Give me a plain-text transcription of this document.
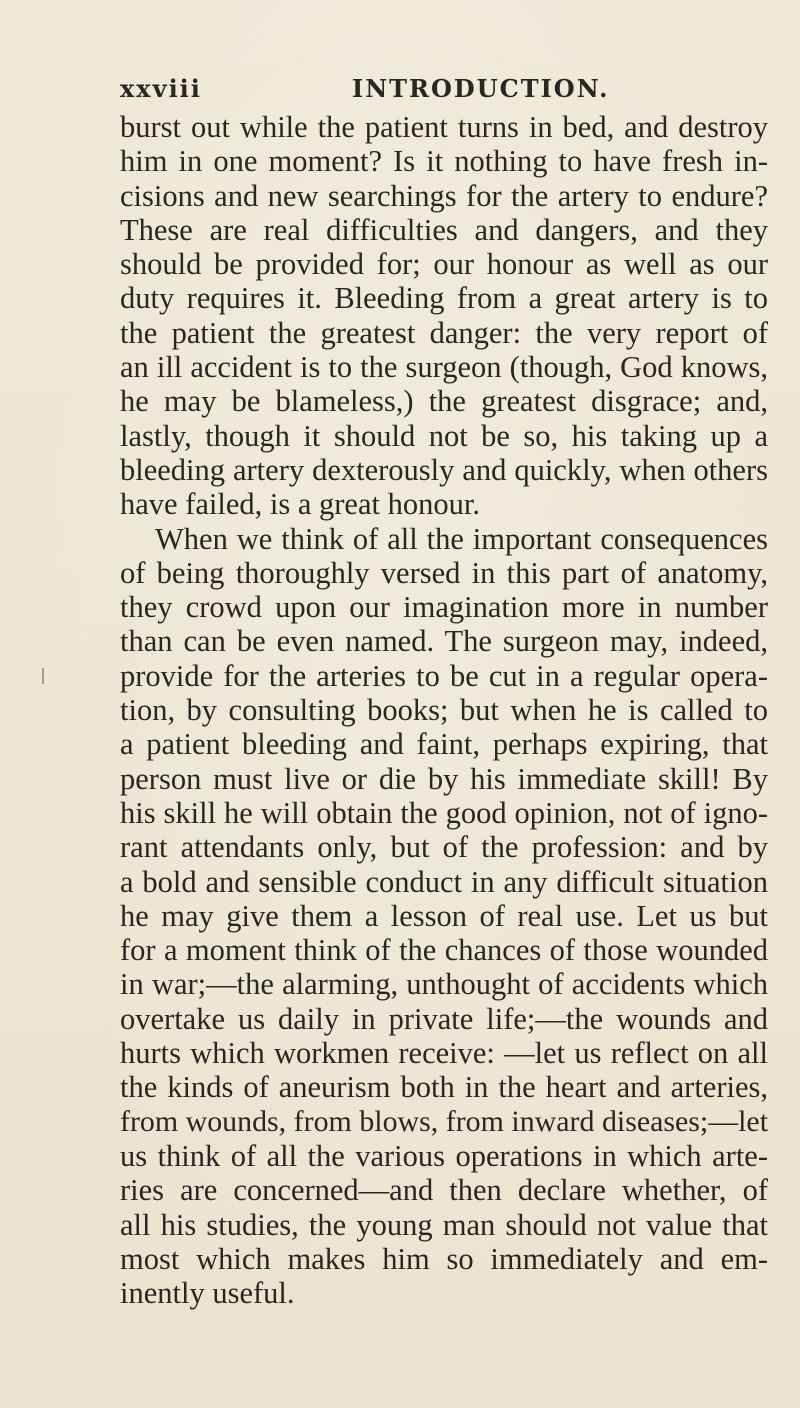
xxviii	INTRODUCTION.
burst out while the patient turns in bed, and destroy
him in one moment? Is it nothing to have fresh in-
cisions and new searchings for the artery to endure?
These are real difficulties and dangers, and they
should be provided for; our honour as well as our
duty requires it. Bleeding from a great artery is to
the patient the greatest danger: the very report of
an ill accident is to the surgeon (though, God knows,
he may be blameless,) the greatest disgrace; and,
lastly, though it should not be so, his taking up a
bleeding artery dexterously and quickly, when others
have failed, is a great honour.
When we think of all the important consequences
of being thoroughly versed in this part of anatomy,
they crowd upon our imagination more in number
than can be even named. The surgeon may, indeed,
provide for the arteries to be cut in a regular opera-
tion, by consulting books; but when he is called to
a patient bleeding and faint, perhaps expiring, that
person must live or die by his immediate skill! By
his skill he will obtain the good opinion, not of igno-
rant attendants only, but of the profession: and by
a bold and sensible conduct in any difficult situation
he may give them a lesson of real use. Let us but
for a moment think of the chances of those wounded
in war;—the alarming, unthought of accidents which
overtake us daily in private life;—the wounds and
hurts which workmen receive: —let us reflect on all
the kinds of aneurism both in the heart and arteries,
from wounds, from blows, from inward diseases;—let
us think of all the various operations in which arte-
ries are concerned—and then declare whether, of
all his studies, the young man should not value that
most which makes him so immediately and em-
inently useful.
